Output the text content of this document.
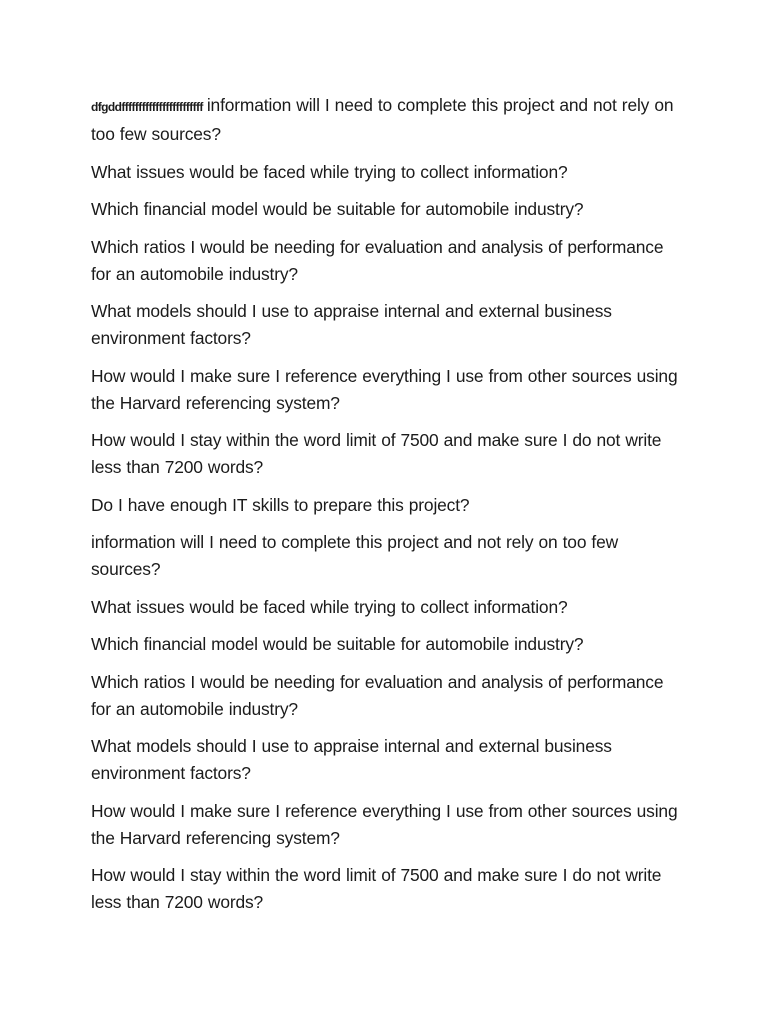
dfgddffffffffffffffffffffffff information will I need to complete this project and not rely on too few sources?

What issues would be faced while trying to collect information?

Which financial model would be suitable for automobile industry?

Which ratios I would be needing for evaluation and analysis of performance for an automobile industry?

What models should I use to appraise internal and external business environment factors?

How would I make sure I reference everything I use from other sources using the Harvard referencing system?

How would I stay within the word limit of 7500 and make sure I do not write less than 7200 words?

Do I have enough IT skills to prepare this project?

information will I need to complete this project and not rely on too few sources?

What issues would be faced while trying to collect information?

Which financial model would be suitable for automobile industry?

Which ratios I would be needing for evaluation and analysis of performance for an automobile industry?

What models should I use to appraise internal and external business environment factors?

How would I make sure I reference everything I use from other sources using the Harvard referencing system?

How would I stay within the word limit of 7500 and make sure I do not write less than 7200 words?
